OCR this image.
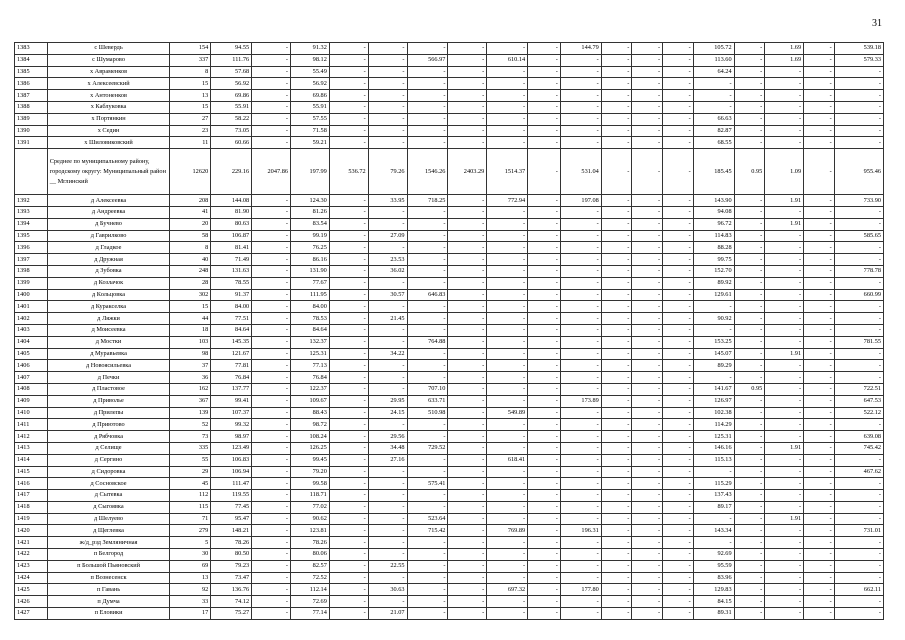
31
1383	с Шевердь	154	94.55	-	91.32	-	-	-	-	-	-	144.79	-	-	-	105.72	-	1.69	-	539.18
1384	с Шумарово	337	111.76	-	98.12	-	-	566.97	-	610.14	-	-	-	-	-	113.60	-	1.69	-	579.33
1385	х Авраменков	8	57.68	-	55.49	-	-	-	-	-	-	-	-	-	-	64.24	-	-	-	-
1386	х Алексеевский	15	56.92	-	56.92	-	-	-	-	-	-	-	-	-	-	-	-	-	-	-
1387	х Антоненков	13	69.86	-	69.86	-	-	-	-	-	-	-	-	-	-	-	-	-	-	-
1388	х Каблуковка	15	55.91	-	55.91	-	-	-	-	-	-	-	-	-	-	-	-	-	-	-
1389	х Портянкин	27	58.22	-	57.55	-	-	-	-	-	-	-	-	-	-	66.63	-	-	-	-
1390	х Седин	23	73.05	-	71.58	-	-	-	-	-	-	-	-	-	-	82.87	-	-	-	-
1391	х Шиловиковский	11	60.66	-	59.21	-	-	-	-	-	-	-	-	-	-	68.55	-	-	-	-
	Среднее по муниципальному району, городскому округу: Муниципальный район __ Мглинский	12620	229.16	2047.86	197.99	536.72	79.26	1546.26	2403.29	1514.37	-	531.04	-	-	-	185.45	0.95	1.09	-	955.46
1392	д Алексеевка	208	144.08	-	124.30	-	33.95	718.25	-	772.94	-	197.08	-	-	-	143.90	-	1.91	-	733.90
1393	д Андреевка	41	81.90	-	81.26	-	-	-	-	-	-	-	-	-	-	94.08	-	-	-	-
1394	д Бучнево	20	80.63	-	83.54	-	-	-	-	-	-	-	-	-	-	96.72	-	1.91	-	-
1395	д Гаврилково	58	106.87	-	99.19	-	27.09	-	-	-	-	-	-	-	-	114.83	-	-	-	585.65
1396	д Гладкое	8	81.41	-	76.25	-	-	-	-	-	-	-	-	-	-	88.28	-	-	-	-
1397	д Дружная	40	71.49	-	86.16	-	23.53	-	-	-	-	-	-	-	-	99.75	-	-	-	-
1398	д Зубовка	248	131.63	-	131.90	-	36.02	-	-	-	-	-	-	-	-	152.70	-	-	-	778.78
1399	д Козлачок	28	78.55	-	77.67	-	-	-	-	-	-	-	-	-	-	89.92	-	-	-	-
1400	д Кольцовка	302	91.37	-	111.95	-	30.57	646.83	-	-	-	-	-	-	-	129.61	-	-	-	660.99
1401	д Куракселка	15	84.00	-	84.00	-	-	-	-	-	-	-	-	-	-	-	-	-	-	-
1402	д Ляжки	44	77.51	-	78.53	-	21.45	-	-	-	-	-	-	-	-	90.92	-	-	-	-
1403	д Моисеевка	18	84.64	-	84.64	-	-	-	-	-	-	-	-	-	-	-	-	-	-	-
1404	д Мостки	103	145.35	-	132.37	-	-	764.88	-	-	-	-	-	-	-	153.25	-	-	-	781.55
1405	д Муравьевка	98	121.67	-	125.31	-	34.22	-	-	-	-	-	-	-	-	145.07	-	1.91	-	-
1406	д Новоясильевка	37	77.81	-	77.13	-	-	-	-	-	-	-	-	-	-	89.29	-	-	-	-
1407	д Печки	36	76.84	-	76.84	-	-	-	-	-	-	-	-	-	-	-	-	-	-	-
1408	д Пластовое	162	137.77	-	122.37	-	-	707.10	-	-	-	-	-	-	-	141.67	0.95	-	-	722.51
1409	д Приволье	367	99.41	-	109.67	-	29.95	633.71	-	-	-	173.89	-	-	-	126.97	-	-	-	647.53
1410	д Прилепы	139	107.37	-	88.43	-	24.15	510.98	-	549.89	-	-	-	-	-	102.38	-	-	-	522.12
1411	д Приютово	52	99.32	-	98.72	-	-	-	-	-	-	-	-	-	-	114.29	-	-	-	-
1412	д Рябчовка	73	98.97	-	108.24	-	29.56	-	-	-	-	-	-	-	-	125.31	-	-	-	639.08
1413	д Селище	335	123.49	-	126.25	-	34.48	729.52	-	-	-	-	-	-	-	146.16	-	1.91	-	745.42
1414	д Сергино	55	106.83	-	99.45	-	27.16	-	-	618.41	-	-	-	-	-	115.13	-	-	-	-
1415	д Сидоровка	29	106.94	-	79.20	-	-	-	-	-	-	-	-	-	-	-	-	-	-	467.62
1416	д Сосновское	45	111.47	-	99.58	-	-	575.41	-	-	-	-	-	-	-	115.29	-	-	-	-
1417	д Сытевка	112	119.55	-	118.71	-	-	-	-	-	-	-	-	-	-	137.43	-	-	-	-
1418	д Сыгоявка	115	77.45	-	77.02	-	-	-	-	-	-	-	-	-	-	89.17	-	-	-	-
1419	д Шелуево	71	95.47	-	90.62	-	-	523.64	-	-	-	-	-	-	-	-	-	1.91	-	-
1420	д Щеглевка	279	148.21	-	123.81	-	-	715.42	-	769.89	-	196.31	-	-	-	143.34	-	-	-	731.01
1421	ж/д_рзд Земляничная	5	78.26	-	78.26	-	-	-	-	-	-	-	-	-	-	-	-	-	-	-
1422	п Белгород	30	80.50	-	80.06	-	-	-	-	-	-	-	-	-	-	92.69	-	-	-	-
1423	п Большой Пьяновский	69	79.23	-	82.57	-	22.55	-	-	-	-	-	-	-	-	95.59	-	-	-	-
1424	п Вознесенск	13	73.47	-	72.52	-	-	-	-	-	-	-	-	-	-	83.96	-	-	-	-
1425	п Гавань	92	136.76	-	112.14	-	30.63	-	-	697.32	-	177.80	-	-	-	129.83	-	-	-	662.11
1426	п Думча	33	74.12	-	72.69	-	-	-	-	-	-	-	-	-	-	84.15	-	-	-	-
1427	п Еловики	17	75.27	-	77.14	-	21.07	-	-	-	-	-	-	-	-	89.31	-	-	-	-
